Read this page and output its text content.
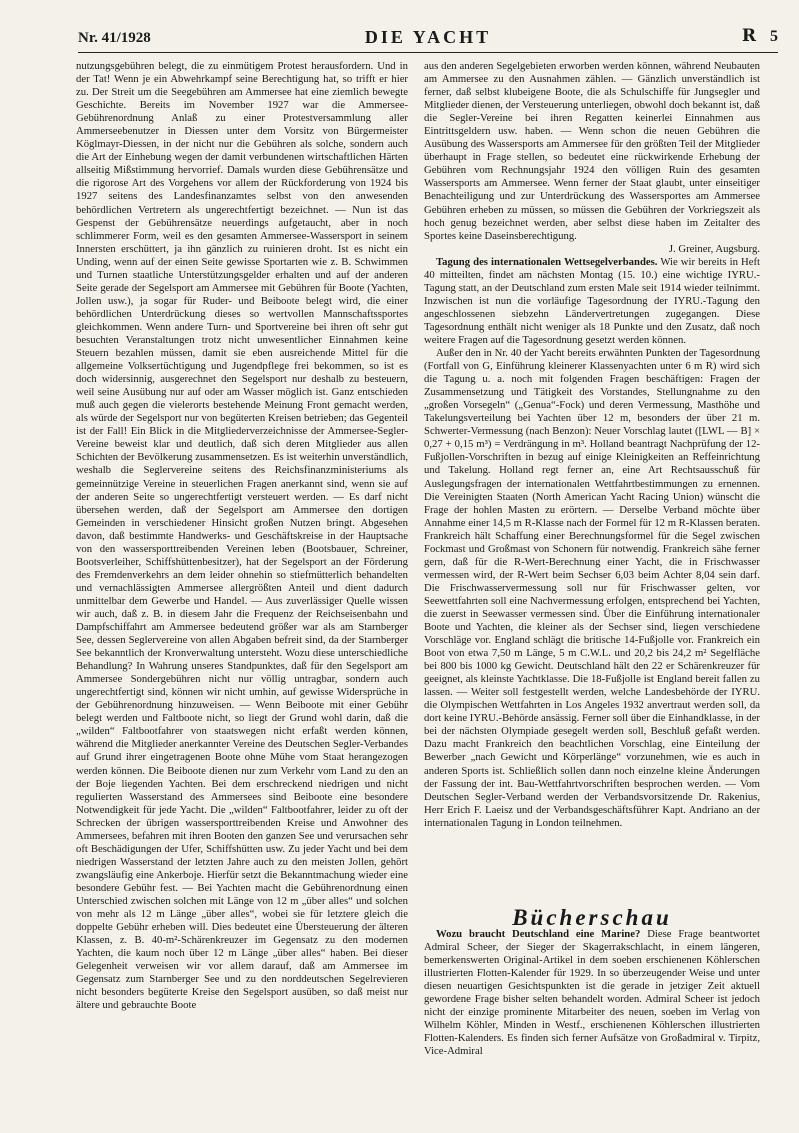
Nr. 41/1928	DIE YACHT	R 5

nutzungsgebühren belegt, die zu einmütigem Protest herausfordern. Und in der Tat! Wenn je ein Abwehrkampf seine Berechtigung hat, so trifft er hier zu. Der Streit um die Seegebühren am Ammersee hat eine ziemlich bewegte Geschichte. Bereits im November 1927 war die Ammersee-Gebührenordnung Anlaß zu einer Protestversammlung aller Ammerseebenutzer in Diessen unter dem Vorsitz von Bürgermeister Köglmayr-Diessen, in der nicht nur die Gebühren als solche, sondern auch die Art der Einhebung wegen der damit verbundenen wirtschaftlichen Härten allseitig Mißstimmung hervorrief. Damals wurden diese Gebührensätze und die rigorose Art des Vorgehens vor allem der Rückforderung von 1924 bis 1927 seitens des Landesfinanzamtes selbst von den anwesenden behördlichen Vertretern als ungerechtfertigt bezeichnet. — Nun ist das Gespenst der Gebührensätze neuerdings aufgetaucht, aber in noch schlimmerer Form, weil es den gesamten Ammersee-Wassersport in seinem Innersten erschüttert, ja ihn gänzlich zu ruinieren droht. Ist es nicht ein Unding, wenn auf der einen Seite gewisse Sportarten wie z. B. Schwimmen und Turnen staatliche Unterstützungsgelder erhalten und auf der anderen Seite gerade der Segelsport am Ammersee mit Gebühren für Boote (Yachten, Jollen usw.), ja sogar für Ruder- und Beiboote belegt wird, die einer behördlichen Unterdrückung dieses so wertvollen Mannschaftssportes gleichkommen. Wenn andere Turn- und Sportvereine bei ihren oft sehr gut besuchten Veranstaltungen trotz nicht unwesentlicher Einnahmen keine Steuern bezahlen müssen, damit sie eben ausreichende Mittel für die allgemeine Volksertüchtigung und Jugendpflege frei bekommen, so ist es doch widersinnig, ausgerechnet den Segelsport nur deshalb zu besteuern, weil seine Ausübung nur auf oder am Wasser möglich ist. Ganz entschieden muß auch gegen die vielerorts bestehende Meinung Front gemacht werden, als würde der Segelsport nur von begüterten Kreisen betrieben; das Gegenteil ist der Fall! Ein Blick in die Mitgliederverzeichnisse der Ammersee-Segler-Vereine beweist klar und deutlich, daß sich deren Mitglieder aus allen Schichten der Bevölkerung zusammensetzen. Es ist weiterhin unverständlich, weshalb die Seglervereine seitens des Reichsfinanzministeriums als gemeinnützige Vereine in steuerlichen Fragen anerkannt sind, wenn sie auf der anderen Seite so ungerechtfertigt versteuert werden. — Es darf nicht übersehen werden, daß der Segelsport am Ammersee den dortigen Gemeinden in verschiedener Hinsicht großen Nutzen bringt. Abgesehen davon, daß bestimmte Handwerks- und Geschäftskreise in der Hauptsache von den wassersporttreibenden Vereinen leben (Bootsbauer, Schreiner, Bootsverleiher, Schiffshüttenbesitzer), hat der Segelsport an der Förderung des Fremdenverkehrs an dem leider ohnehin so stiefmütterlich behandelten und vernachlässigten Ammersee allergrößten Anteil und dient dadurch unmittelbar dem Gewerbe und Handel. — Aus zuverlässiger Quelle wissen wir auch, daß z. B. in diesem Jahr die Frequenz der Reichseisenbahn und Dampfschiffahrt am Ammersee bedeutend größer war als am Starnberger See, dessen Seglervereine von allen Abgaben befreit sind, da der Starnberger See bekanntlich der Kronverwaltung untersteht. Wozu diese unterschiedliche Behandlung? In Wahrung unseres Standpunktes, daß für den Segelsport am Ammersee Sondergebühren nicht nur völlig untragbar, sondern auch ungerechtfertigt sind, können wir nicht umhin, auf gewisse Widersprüche in der Gebührenordnung hinzuweisen. — Wenn Beiboote mit einer Gebühr belegt werden und Faltboote nicht, so liegt der Grund wohl darin, daß die „wilden“ Faltbootfahrer von staatswegen nicht erfaßt werden können, während die Mitglieder anerkannter Vereine des Deutschen Segler-Verbandes auf Grund ihrer eingetragenen Boote ohne Mühe vom Staat herangezogen werden können. Die Beiboote dienen nur zum Verkehr vom Land zu den an der Boje liegenden Yachten. Bei dem erschreckend niedrigen und nicht regulierten Wasserstand des Ammersees sind Beiboote eine besondere Notwendigkeit für jede Yacht. Die „wilden“ Faltbootfahrer, leider zu oft der Schrecken der übrigen wassersporttreibenden Kreise und Anwohner des Ammersees, befahren mit ihren Booten den ganzen See und verursachen sehr oft Beschädigungen der Ufer, Schiffshütten usw. Zu jeder Yacht und bei dem niedrigen Wasserstand der letzten Jahre auch zu den meisten Jollen, gehört zwangsläufig eine Ankerboje. Hierfür setzt die Bekanntmachung wieder eine besondere Gebühr fest. — Bei Yachten macht die Gebührenordnung einen Unterschied zwischen solchen mit Länge von 12 m „über alles“ und solchen von mehr als 12 m Länge „über alles“, wobei sie für letztere gleich die doppelte Gebühr erheben will. Dies bedeutet eine Übersteuerung der älteren Klassen, z. B. 40-m²-Schärenkreuzer im Gegensatz zu den modernen Yachten, die kaum noch über 12 m Länge „über alles“ haben. Bei dieser Gelegenheit verweisen wir vor allem darauf, daß am Ammersee im Gegensatz zum Starnberger See und zu den norddeutschen Segelrevieren nicht besonders begüterte Kreise den Segelsport ausüben, so daß meist nur ältere und gebrauchte Boote

aus den anderen Segelgebieten erworben werden können, während Neubauten am Ammersee zu den Ausnahmen zählen. — Gänzlich unverständlich ist ferner, daß selbst klubeigene Boote, die als Schulschiffe für Jungsegler und Mitglieder dienen, der Versteuerung unterliegen, obwohl doch bekannt ist, daß die Segler-Vereine bei ihren Regatten keinerlei Einnahmen aus Eintrittsgeldern usw. haben. — Wenn schon die neuen Gebühren die Ausübung des Wassersports am Ammersee für den größten Teil der Mitglieder überhaupt in Frage stellen, so bedeutet eine rückwirkende Erhebung der Gebühren vom Rechnungsjahr 1924 den völligen Ruin des gesamten Wassersports am Ammersee. Wenn ferner der Staat glaubt, unter einseitiger Benachteiligung und zur Unterdrückung des Wassersportes am Ammersee Gebühren erheben zu müssen, so müssen die Gebühren der Vorkriegszeit als hoch genug bezeichnet werden, aber selbst diese haben im Zeitalter des Sportes keine Daseinsberechtigung.

J. Greiner, Augsburg.

Tagung des internationalen Wettsegelverbandes. Wie wir bereits in Heft 40 mitteilten, findet am nächsten Montag (15. 10.) eine wichtige IYRU.-Tagung statt, an der Deutschland zum ersten Male seit 1914 wieder teilnimmt. Inzwischen ist nun die vorläufige Tagesordnung der IYRU.-Tagung den angeschlossenen siebzehn Ländervertretungen zugegangen. Diese Tagesordnung enthält nicht weniger als 18 Punkte und den Zusatz, daß noch weitere Fragen auf die Tagesordnung gesetzt werden können.

Außer den in Nr. 40 der Yacht bereits erwähnten Punkten der Tagesordnung (Fortfall von G, Einführung kleinerer Klassenyachten unter 6 m R) wird sich die Tagung u. a. noch mit folgenden Fragen beschäftigen: Fragen der Zusammensetzung und Tätigkeit des Vorstandes, Stellungnahme zu den „großen Vorsegeln“ („Genua“-Fock) und deren Vermessung, Masthöhe und Takelungsverteilung bei Yachten über 12 m, besonders der über 21 m. Schwerter-Vermessung (nach Benzon): Neuer Vorschlag lautet ([LWL — B] × 0,27 + 0,15 m³) = Verdrängung in m³. Holland beantragt Nachprüfung der 12-Fußjollen-Vorschriften in bezug auf einige Kleinigkeiten an Reffeinrichtung und Takelung. Holland regt ferner an, eine Art Rechtsausschuß für Auslegungsfragen der internationalen Wettfahrtbestimmungen zu ernennen. Die Vereinigten Staaten (North American Yacht Racing Union) wünscht die Frage der hohlen Masten zu erörtern. — Derselbe Verband möchte über Annahme einer 14,5 m R-Klasse nach der Formel für 12 m R-Klassen beraten. Frankreich hält Schaffung einer Berechnungsformel für die Segel zwischen Fockmast und Großmast von Schonern für notwendig. Frankreich sähe ferner gern, daß für die R-Wert-Berechnung einer Yacht, die in Frischwasser vermessen wird, der R-Wert beim Sechser 6,03 beim Achter 8,04 sein darf. Die Frischwasservermessung soll nur für Frischwasser gelten, vor Seewettfahrten soll eine Nachvermessung erfolgen, entsprechend bei Yachten, die zuerst in Seewasser vermessen sind. Über die Einführung internationaler Boote und Yachten, die kleiner als der Sechser sind, liegen verschiedene Vorschläge vor. England schlägt die britische 14-Fußjolle vor. Frankreich ein Boot von etwa 7,50 m Länge, 5 m C.W.L. und 20,2 bis 24,2 m² Segelfläche bei 800 bis 1000 kg Gewicht. Deutschland hält den 22 er Schärenkreuzer für geeignet, als kleinste Yachtklasse. Die 18-Fußjolle ist England bereit fallen zu lassen. — Weiter soll festgestellt werden, welche Landesbehörde der IYRU. die Olympischen Wettfahrten in Los Angeles 1932 anvertraut werden soll, da dort keine IYRU.-Behörde ansässig. Ferner soll über die Einhandklasse, in der bei der nächsten Olympiade gesegelt werden soll, Beschluß gefaßt werden. Dazu macht Frankreich den beachtlichen Vorschlag, eine Einteilung der Bewerber „nach Gewicht und Körperlänge“ vorzunehmen, wie es auch in anderen Sports ist. Schließlich sollen dann noch einzelne kleine Änderungen der Fassung der int. Bau-Wettfahrtvorschriften besprochen werden. — Vom Deutschen Segler-Verband werden der Verbandsvorsitzende Dr. Rakenius, Herr Erich F. Laeisz und der Verbandsgeschäftsführer Kapt. Andriano an der internationalen Tagung in London teilnehmen.

Bücherschau

Wozu braucht Deutschland eine Marine? Diese Frage beantwortet Admiral Scheer, der Sieger der Skagerrakschlacht, in einem längeren, bemerkenswerten Original-Artikel in dem soeben erschienenen Köhlerschen illustrierten Flotten-Kalender für 1929. In so überzeugender Weise und unter diesen neuartigen Gesichtspunkten ist die gerade in jetziger Zeit aktuell gewordene Frage bisher selten behandelt worden. Admiral Scheer ist jedoch nicht der einzige prominente Mitarbeiter des neuen, soeben im Verlag von Wilhelm Köhler, Minden in Westf., erschienenen Köhlerschen illustrierten Flotten-Kalenders. Es finden sich ferner Aufsätze von Großadmiral v. Tirpitz, Vice-Admiral
